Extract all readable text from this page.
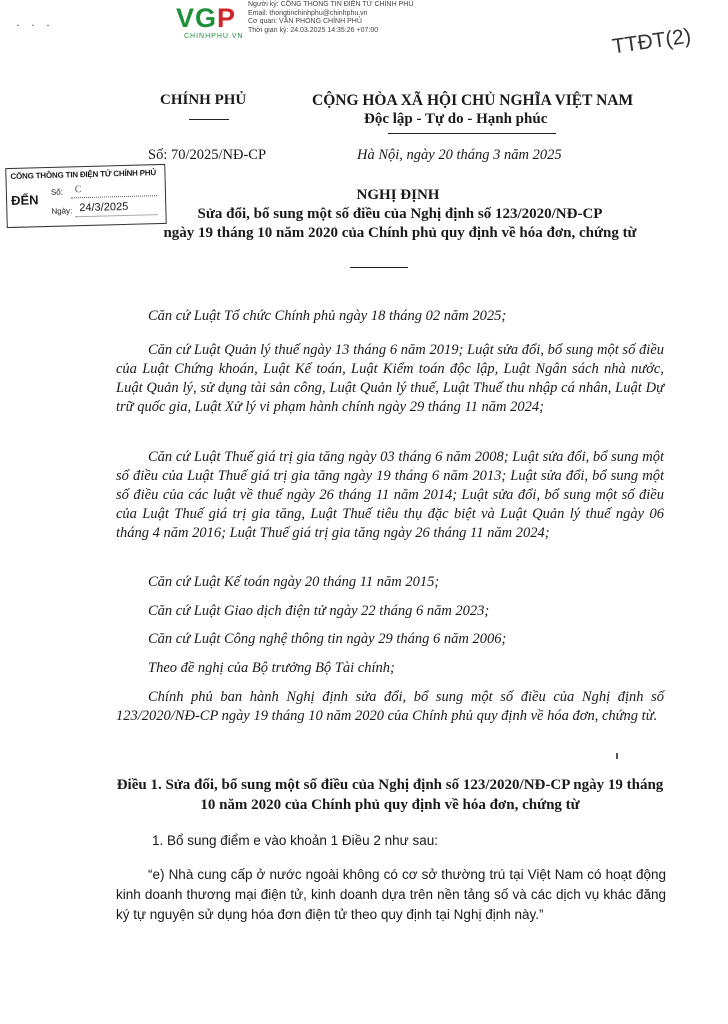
· · ·	VGP
CHINHPHU.VN
Người ký: CỔNG THÔNG TIN ĐIỆN TỬ CHÍNH PHỦ
Email: thongtinchinhphu@chinhphu.vn
Cơ quan: VĂN PHÒNG CHÍNH PHỦ
Thời gian ký: 24.03.2025 14:35:26 +07:00	TTĐT(2)
CHÍNH PHỦ	CỘNG HÒA XÃ HỘI CHỦ NGHĨA VIỆT NAM
Độc lập - Tự do - Hạnh phúc
Số: 70/2025/NĐ-CP	Hà Nội, ngày 20 tháng 3 năm 2025
CỔNG THÔNG TIN ĐIỆN TỬ CHÍNH PHỦ
ĐẾN Số: C
Ngày: 24/3/2025
NGHỊ ĐỊNH
Sửa đổi, bổ sung một số điều của Nghị định số 123/2020/NĐ-CP
ngày 19 tháng 10 năm 2020 của Chính phủ quy định về hóa đơn, chứng từ
Căn cứ Luật Tổ chức Chính phủ ngày 18 tháng 02 năm 2025;
Căn cứ Luật Quản lý thuế ngày 13 tháng 6 năm 2019; Luật sửa đổi, bổ sung một số điều của Luật Chứng khoán, Luật Kế toán, Luật Kiểm toán độc lập, Luật Ngân sách nhà nước, Luật Quản lý, sử dụng tài sản công, Luật Quản lý thuế, Luật Thuế thu nhập cá nhân, Luật Dự trữ quốc gia, Luật Xử lý vi phạm hành chính ngày 29 tháng 11 năm 2024;
Căn cứ Luật Thuế giá trị gia tăng ngày 03 tháng 6 năm 2008; Luật sửa đổi, bổ sung một số điều của Luật Thuế giá trị gia tăng ngày 19 tháng 6 năm 2013; Luật sửa đổi, bổ sung một số điều của các luật về thuế ngày 26 tháng 11 năm 2014; Luật sửa đổi, bổ sung một số điều của Luật Thuế giá trị gia tăng, Luật Thuế tiêu thụ đặc biệt và Luật Quản lý thuế ngày 06 tháng 4 năm 2016; Luật Thuế giá trị gia tăng ngày 26 tháng 11 năm 2024;
Căn cứ Luật Kế toán ngày 20 tháng 11 năm 2015;
Căn cứ Luật Giao dịch điện tử ngày 22 tháng 6 năm 2023;
Căn cứ Luật Công nghệ thông tin ngày 29 tháng 6 năm 2006;
Theo đề nghị của Bộ trưởng Bộ Tài chính;
Chính phủ ban hành Nghị định sửa đổi, bổ sung một số điều của Nghị định số 123/2020/NĐ-CP ngày 19 tháng 10 năm 2020 của Chính phủ quy định về hóa đơn, chứng từ.
Điều 1. Sửa đổi, bổ sung một số điều của Nghị định số 123/2020/NĐ-CP ngày 19 tháng 10 năm 2020 của Chính phủ quy định về hóa đơn, chứng từ
1. Bổ sung điểm e vào khoản 1 Điều 2 như sau:
“e) Nhà cung cấp ở nước ngoài không có cơ sở thường trú tại Việt Nam có hoạt động kinh doanh thương mại điện tử, kinh doanh dựa trên nền tảng số và các dịch vụ khác đăng ký tự nguyện sử dụng hóa đơn điện tử theo quy định tại Nghị định này.”
